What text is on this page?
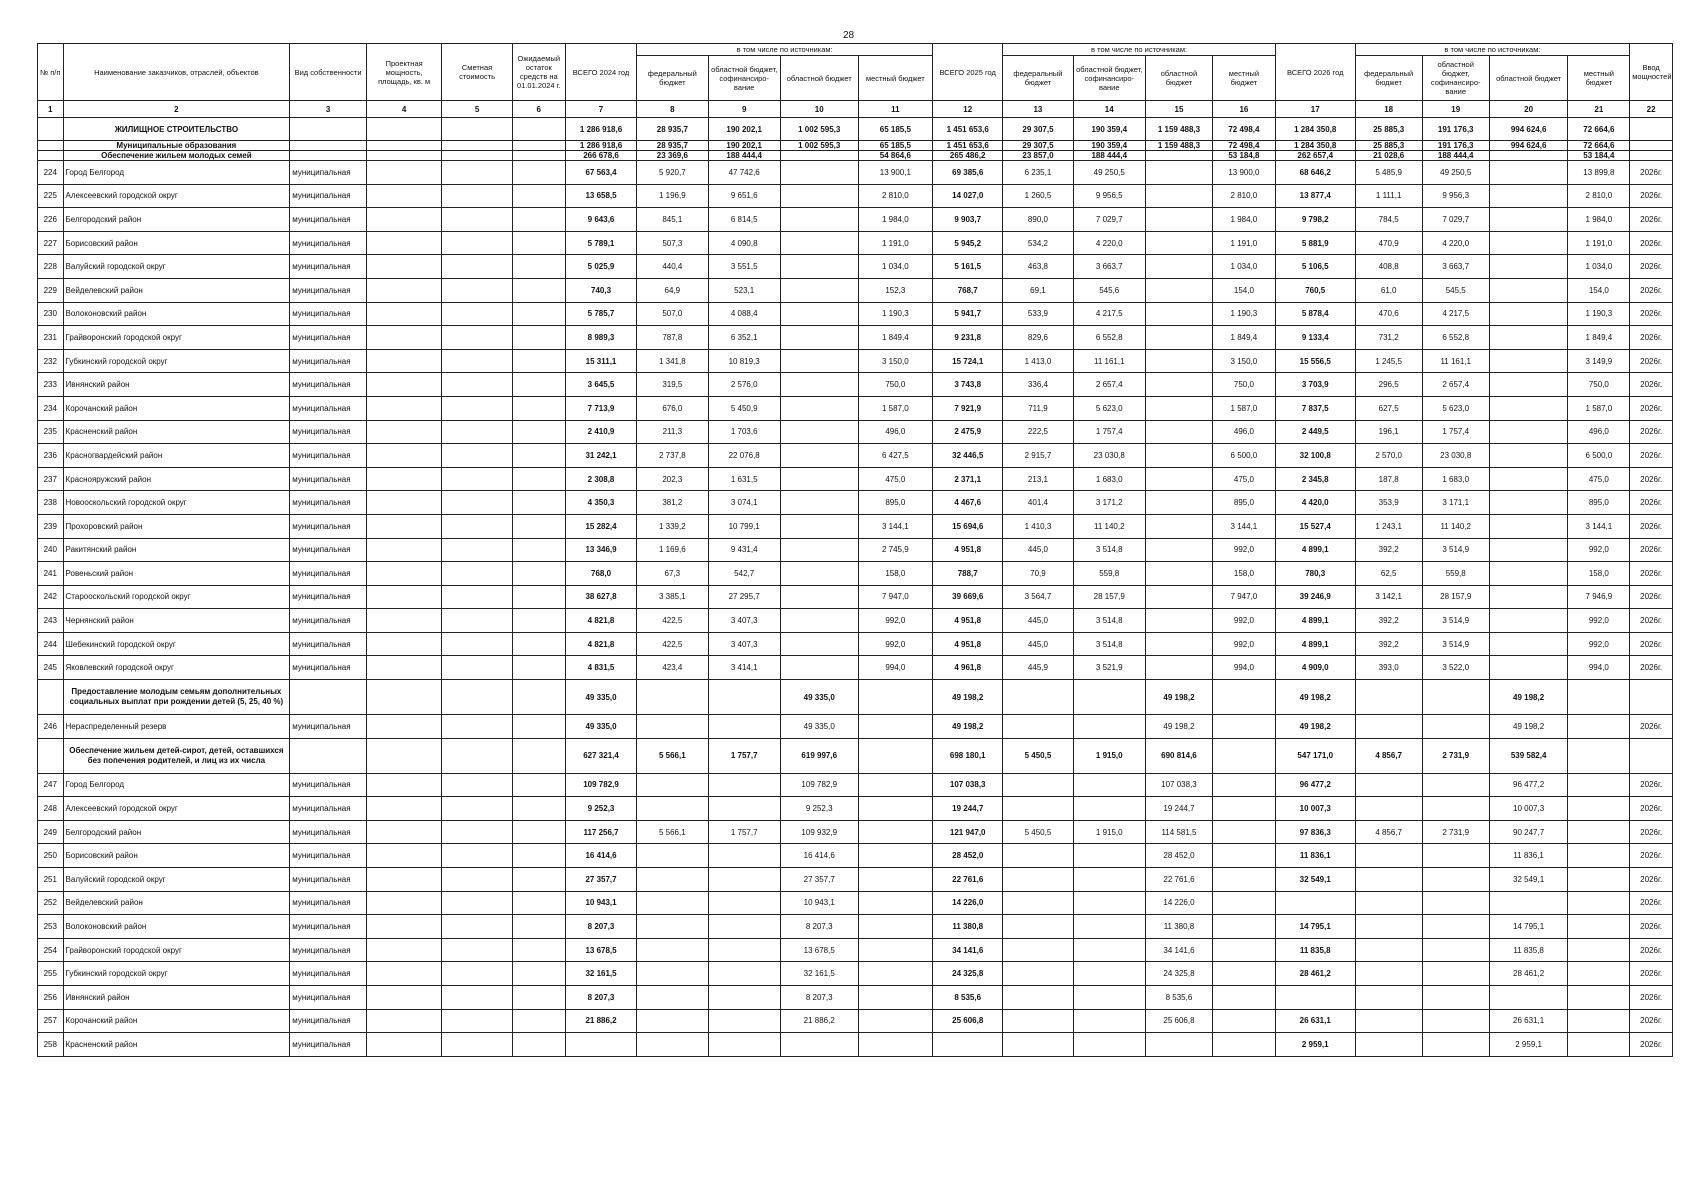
28
№ п/п	Наименование заказчиков, отраслей, объектов	Вид собственности	Проектная мощность, площадь, кв. м	Сметная стоимость	Ожидаемый остаток средств на 01.01.2024 г.	ВСЕГО 2024 год	в том числе по источникам:				ВСЕГО 2025 год	в том числе по источникам:				ВСЕГО 2026 год	в том числе по источникам:				Ввод мощностей
							федеральный бюджет	областной бюджет, софинансиро-вание	областной бюджет	местный бюджет		федеральный бюджет	областной бюджет, софинансиро-вание	областной бюджет	местный бюджет		федеральный бюджет	областной бюджет, софинансиро-вание	областной бюджет	местный бюджет	
1	2	3	4	5	6	7	8	9	10	11	12	13	14	15	16	17	18	19	20	21	22
	ЖИЛИЩНОЕ СТРОИТЕЛЬСТВО					1 286 918,6	28 935,7	190 202,1	1 002 595,3	65 185,5	1 451 653,6	29 307,5	190 359,4	1 159 488,3	72 498,4	1 284 350,8	25 885,3	191 176,3	994 624,6	72 664,6	
	Муниципальные образования					1 286 918,6	28 935,7	190 202,1	1 002 595,3	65 185,5	1 451 653,6	29 307,5	190 359,4	1 159 488,3	72 498,4	1 284 350,8	25 885,3	191 176,3	994 624,6	72 664,6	
	Обеспечение жильем молодых семей					266 678,6	23 369,6	188 444,4		54 864,6	265 486,2	23 857,0	188 444,4		53 184,8	262 657,4	21 028,6	188 444,4		53 184,4	
224	Город Белгород	муниципальная				67 563,4	5 920,7	47 742,6		13 900,1	69 385,6	6 235,1	49 250,5		13 900,0	68 646,2	5 485,9	49 250,5		13 899,8	2026г.
225	Алексеевский городской округ	муниципальная				13 658,5	1 196,9	9 651,6		2 810,0	14 027,0	1 260,5	9 956,5		2 810,0	13 877,4	1 111,1	9 956,3		2 810,0	2026г.
226	Белгородский район	муниципальная				9 643,6	845,1	6 814,5		1 984,0	9 903,7	890,0	7 029,7		1 984,0	9 798,2	784,5	7 029,7		1 984,0	2026г.
227	Борисовский район	муниципальная				5 789,1	507,3	4 090,8		1 191,0	5 945,2	534,2	4 220,0		1 191,0	5 881,9	470,9	4 220,0		1 191,0	2026г.
228	Валуйский городской округ	муниципальная				5 025,9	440,4	3 551,5		1 034,0	5 161,5	463,8	3 663,7		1 034,0	5 106,5	408,8	3 663,7		1 034,0	2026г.
229	Вейделевский район	муниципальная				740,3	64,9	523,1		152,3	768,7	69,1	545,6		154,0	760,5	61,0	545,5		154,0	2026г.
230	Волоконовский район	муниципальная				5 785,7	507,0	4 088,4		1 190,3	5 941,7	533,9	4 217,5		1 190,3	5 878,4	470,6	4 217,5		1 190,3	2026г.
231	Грайворонский городской округ	муниципальная				8 989,3	787,8	6 352,1		1 849,4	9 231,8	829,6	6 552,8		1 849,4	9 133,4	731,2	6 552,8		1 849,4	2026г.
232	Губкинский городской округ	муниципальная				15 311,1	1 341,8	10 819,3		3 150,0	15 724,1	1 413,0	11 161,1		3 150,0	15 556,5	1 245,5	11 161,1		3 149,9	2026г.
233	Ивнянский район	муниципальная				3 645,5	319,5	2 576,0		750,0	3 743,8	336,4	2 657,4		750,0	3 703,9	296,5	2 657,4		750,0	2026г.
234	Корочанский район	муниципальная				7 713,9	676,0	5 450,9		1 587,0	7 921,9	711,9	5 623,0		1 587,0	7 837,5	627,5	5 623,0		1 587,0	2026г.
235	Красненский район	муниципальная				2 410,9	211,3	1 703,6		496,0	2 475,9	222,5	1 757,4		496,0	2 449,5	196,1	1 757,4		496,0	2026г.
236	Красногвардейский район	муниципальная				31 242,1	2 737,8	22 076,8		6 427,5	32 446,5	2 915,7	23 030,8		6 500,0	32 100,8	2 570,0	23 030,8		6 500,0	2026г.
237	Краснояружский район	муниципальная				2 308,8	202,3	1 631,5		475,0	2 371,1	213,1	1 683,0		475,0	2 345,8	187,8	1 683,0		475,0	2026г.
238	Новооскольский городской округ	муниципальная				4 350,3	381,2	3 074,1		895,0	4 467,6	401,4	3 171,2		895,0	4 420,0	353,9	3 171,1		895,0	2026г.
239	Прохоровский район	муниципальная				15 282,4	1 339,2	10 799,1		3 144,1	15 694,6	1 410,3	11 140,2		3 144,1	15 527,4	1 243,1	11 140,2		3 144,1	2026г.
240	Ракитянский район	муниципальная				13 346,9	1 169,6	9 431,4		2 745,9	4 951,8	445,0	3 514,8		992,0	4 899,1	392,2	3 514,9		992,0	2026г.
241	Ровеньский район	муниципальная				768,0	67,3	542,7		158,0	788,7	70,9	559,8		158,0	780,3	62,5	559,8		158,0	2026г.
242	Старооскольский городской округ	муниципальная				38 627,8	3 385,1	27 295,7		7 947,0	39 669,6	3 564,7	28 157,9		7 947,0	39 246,9	3 142,1	28 157,9		7 946,9	2026г.
243	Чернянский район	муниципальная				4 821,8	422,5	3 407,3		992,0	4 951,8	445,0	3 514,8		992,0	4 899,1	392,2	3 514,9		992,0	2026г.
244	Шебекинский городской округ	муниципальная				4 821,8	422,5	3 407,3		992,0	4 951,8	445,0	3 514,8		992,0	4 899,1	392,2	3 514,9		992,0	2026г.
245	Яковлевский городской округ	муниципальная				4 831,5	423,4	3 414,1		994,0	4 961,8	445,9	3 521,9		994,0	4 909,0	393,0	3 522,0		994,0	2026г.
	Предоставление молодым семьям дополнительных социальных выплат при рождении детей (5, 25, 40 %)					49 335,0			49 335,0		49 198,2			49 198,2		49 198,2			49 198,2		
246	Нераспределенный резерв	муниципальная				49 335,0			49 335,0		49 198,2			49 198,2		49 198,2			49 198,2		2026г.
	Обеспечение жильем детей-сирот, детей, оставшихся без попечения родителей, и лиц из их числа					627 321,4	5 566,1	1 757,7	619 997,6		698 180,1	5 450,5	1 915,0	690 814,6		547 171,0	4 856,7	2 731,9	539 582,4		
247	Город Белгород	муниципальная				109 782,9			109 782,9		107 038,3			107 038,3		96 477,2			96 477,2		2026г.
248	Алексеевский городской округ	муниципальная				9 252,3			9 252,3		19 244,7			19 244,7		10 007,3			10 007,3		2026г.
249	Белгородский район	муниципальная				117 256,7	5 566,1	1 757,7	109 932,9		121 947,0	5 450,5	1 915,0	114 581,5		97 836,3	4 856,7	2 731,9	90 247,7		2026г.
250	Борисовский район	муниципальная				16 414,6			16 414,6		28 452,0			28 452,0		11 836,1			11 836,1		2026г.
251	Валуйский городской округ	муниципальная				27 357,7			27 357,7		22 761,6			22 761,6		32 549,1			32 549,1		2026г.
252	Вейделевский район	муниципальная				10 943,1			10 943,1		14 226,0			14 226,0							2026г.
253	Волоконовский район	муниципальная				8 207,3			8 207,3		11 380,8			11 380,8		14 795,1			14 795,1		2026г.
254	Грайворонский городской округ	муниципальная				13 678,5			13 678,5		34 141,6			34 141,6		11 835,8			11 835,8		2026г.
255	Губкинский городской округ	муниципальная				32 161,5			32 161,5		24 325,8			24 325,8		28 461,2			28 461,2		2026г.
256	Ивнянский район	муниципальная				8 207,3			8 207,3		8 535,6			8 535,6							2026г.
257	Корочанский район	муниципальная				21 886,2			21 886,2		25 606,8			25 606,8		26 631,1			26 631,1		2026г.
258	Красненский район	муниципальная														2 959,1			2 959,1		2026г.
